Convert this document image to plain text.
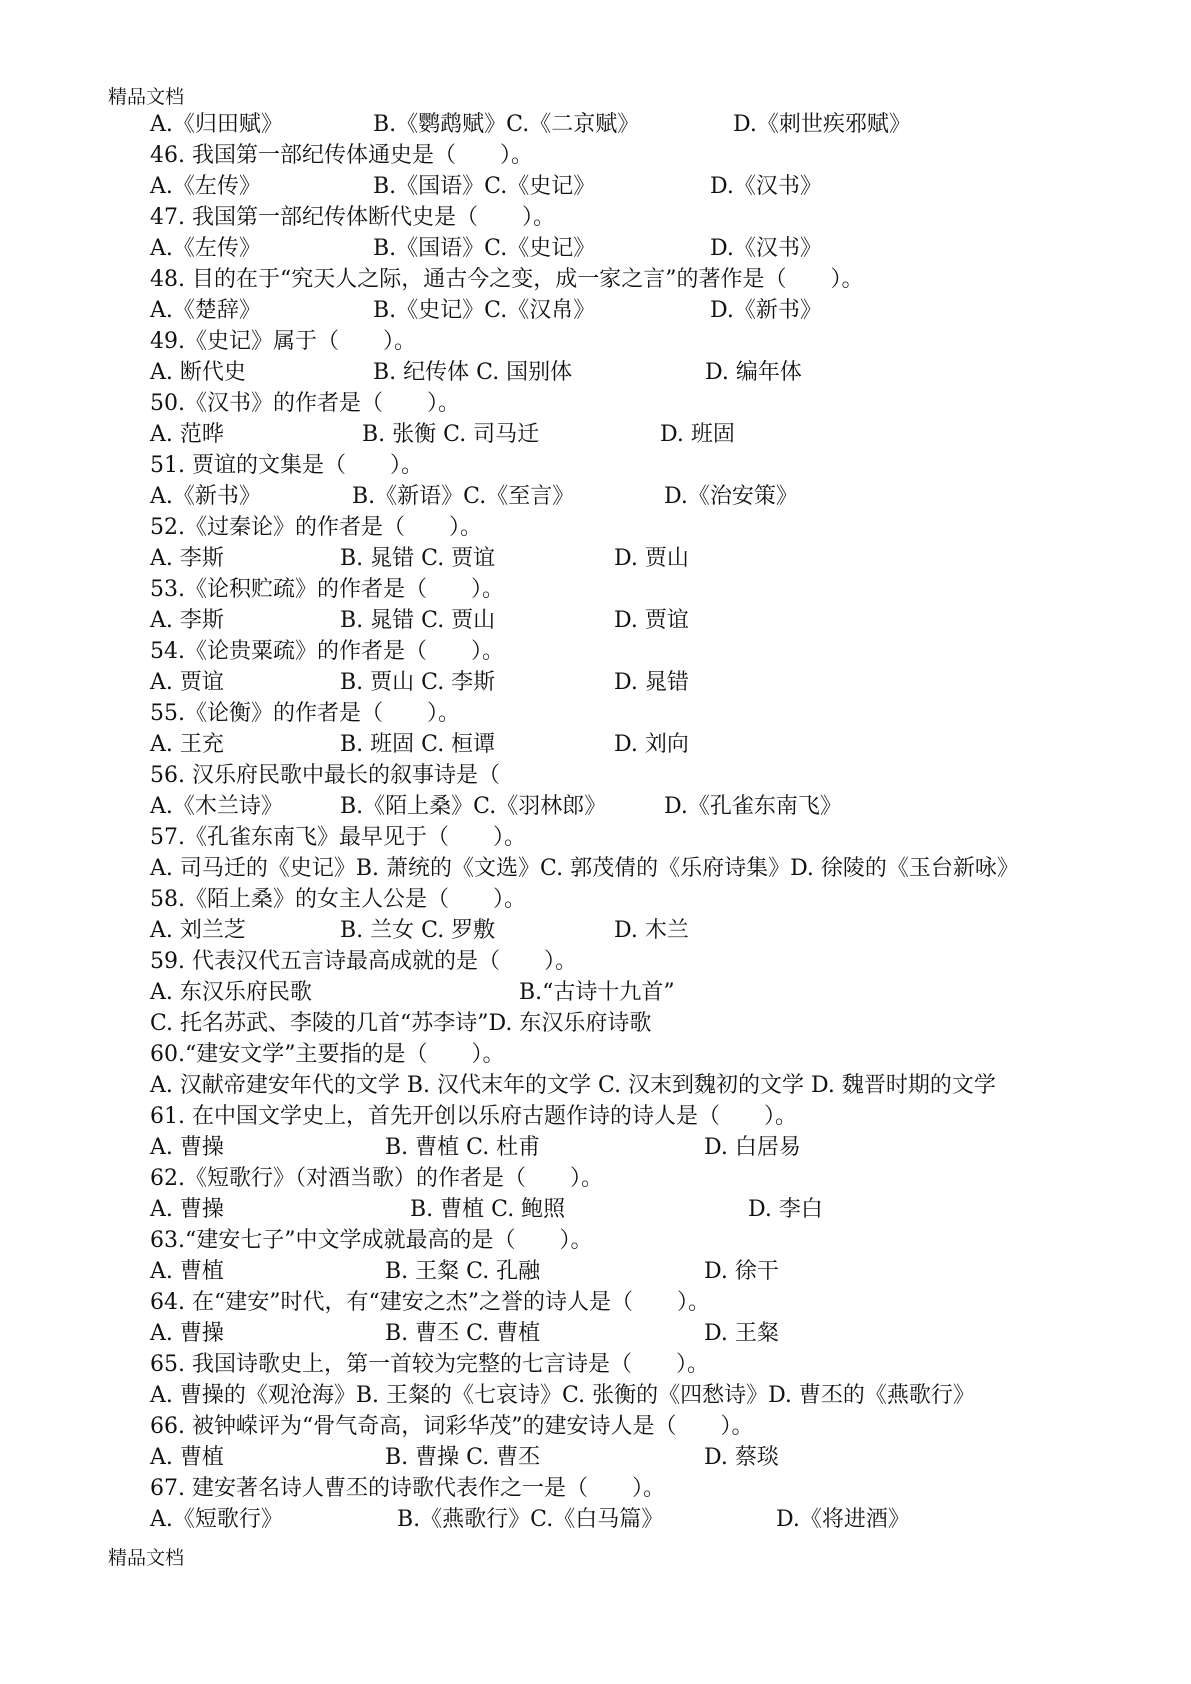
精品文档
A.《归田赋》	B.《鹦鹉赋》C.《二京赋》	D.《刺世疾邪赋》
46. 我国第一部纪传体通史是（　　）。
A.《左传》	B.《国语》C.《史记》	D.《汉书》
47. 我国第一部纪传体断代史是（　　）。
A.《左传》	B.《国语》C.《史记》	D.《汉书》
48. 目的在于“究天人之际，通古今之变，成一家之言”的著作是（　　）。
A.《楚辞》	B.《史记》C.《汉帛》	D.《新书》
49.《史记》属于（　　）。
A. 断代史	B. 纪传体 C. 国别体	D. 编年体
50.《汉书》的作者是（　　）。
A. 范晔	B. 张衡 C. 司马迁	D. 班固
51. 贾谊的文集是（　　）。
A.《新书》	B.《新语》C.《至言》	D.《治安策》
52.《过秦论》的作者是（　　）。
A. 李斯	B. 晁错 C. 贾谊	D. 贾山
53.《论积贮疏》的作者是（　　）。
A. 李斯	B. 晁错 C. 贾山	D. 贾谊
54.《论贵粟疏》的作者是（　　）。
A. 贾谊	B. 贾山 C. 李斯	D. 晁错
55.《论衡》的作者是（　　）。
A. 王充	B. 班固 C. 桓谭	D. 刘向
56. 汉乐府民歌中最长的叙事诗是（
A.《木兰诗》	B.《陌上桑》C.《羽林郎》	D.《孔雀东南飞》
57.《孔雀东南飞》最早见于（　　）。
A. 司马迁的《史记》B. 萧统的《文选》C. 郭茂倩的《乐府诗集》D. 徐陵的《玉台新咏》
58.《陌上桑》的女主人公是（　　）。
A. 刘兰芝	B. 兰女 C. 罗敷	D. 木兰
59. 代表汉代五言诗最高成就的是（　　）。
A. 东汉乐府民歌	B.“古诗十九首”
C. 托名苏武、李陵的几首“苏李诗”D. 东汉乐府诗歌
60.“建安文学”主要指的是（　　）。
A. 汉献帝建安年代的文学 B. 汉代末年的文学 C. 汉末到魏初的文学 D. 魏晋时期的文学
61. 在中国文学史上，首先开创以乐府古题作诗的诗人是（　　）。
A. 曹操	B. 曹植 C. 杜甫	D. 白居易
62.《短歌行》（对酒当歌）的作者是（　　）。
A. 曹操	B. 曹植 C. 鲍照	D. 李白
63.“建安七子”中文学成就最高的是（　　）。
A. 曹植	B. 王粲 C. 孔融	D. 徐干
64. 在“建安”时代，有“建安之杰”之誉的诗人是（　　）。
A. 曹操	B. 曹丕 C. 曹植	D. 王粲
65. 我国诗歌史上，第一首较为完整的七言诗是（　　）。
A. 曹操的《观沧海》B. 王粲的《七哀诗》C. 张衡的《四愁诗》D. 曹丕的《燕歌行》
66. 被钟嵘评为“骨气奇高，词彩华茂”的建安诗人是（　　）。
A. 曹植	B. 曹操 C. 曹丕	D. 蔡琰
67. 建安著名诗人曹丕的诗歌代表作之一是（　　）。
A.《短歌行》	B.《燕歌行》C.《白马篇》	D.《将进酒》
精品文档
